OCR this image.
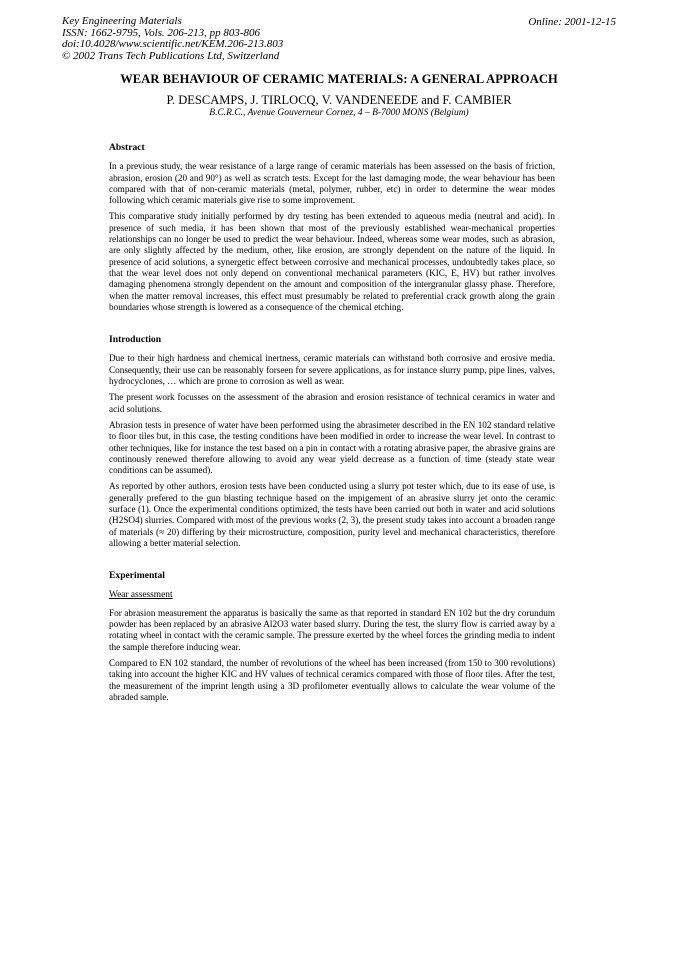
Key Engineering Materials
ISSN: 1662-9795, Vols. 206-213, pp 803-806
doi:10.4028/www.scientific.net/KEM.206-213.803
© 2002 Trans Tech Publications Ltd, Switzerland
Online: 2001-12-15
WEAR BEHAVIOUR OF CERAMIC MATERIALS: A GENERAL APPROACH
P. DESCAMPS, J. TIRLOCQ, V. VANDENEEDE and F. CAMBIER
B.C.R.C., Avenue Gouverneur Cornez, 4 – B-7000 MONS (Belgium)
Abstract

In a previous study, the wear resistance of a large range of ceramic materials has been assessed on the basis of friction, abrasion, erosion (20 and 90°) as well as scratch tests. Except for the last damaging mode, the wear behaviour has been compared with that of non-ceramic materials (metal, polymer, rubber, etc) in order to determine the wear modes following which ceramic materials give rise to some improvement.

This comparative study initially performed by dry testing has been extended to aqueous media (neutral and acid). In presence of such media, it has been shown that most of the previously established wear-mechanical properties relationships can no longer be used to predict the wear behaviour. Indeed, whereas some wear modes, such as abrasion, are only slightly affected by the medium, other, like erosion, are strongly dependent on the nature of the liquid. In presence of acid solutions, a synergetic effect between corrosive and mechanical processes, undoubtedly takes place, so that the wear level does not only depend on conventional mechanical parameters (KIC, E, HV) but rather involves damaging phenomena strongly dependent on the amount and composition of the intergranular glassy phase. Therefore, when the matter removal increases, this effect must presumably be related to preferential crack growth along the grain boundaries whose strength is lowered as a consequence of the chemical etching.

Introduction

Due to their high hardness and chemical inertness, ceramic materials can withstand both corrosive and erosive media. Consequently, their use can be reasonably forseen for severe applications, as for instance slurry pump, pipe lines, valves, hydrocyclones, … which are prone to corrosion as well as wear.

The present work focusses on the assessment of the abrasion and erosion resistance of technical ceramics in water and acid solutions.

Abrasion tests in presence of water have been performed using the abrasimeter described in the EN 102 standard relative to floor tiles but, in this case, the testing conditions have been modified in order to increase the wear level. In contrast to other techniques, like for instance the test based on a pin in contact with a rotating abrasive paper, the abrasive grains are continously renewed therefore allowing to avoid any wear yield decrease as a function of time (steady state wear conditions can be assumed).

As reported by other authors, erosion tests have been conducted using a slurry pot tester which, due to its ease of use, is generally prefered to the gun blasting technique based on the impigement of an abrasive slurry jet onto the ceramic surface (1). Once the experimental conditions optimized, the tests have been carried out both in water and acid solutions (H2SO4) slurries. Compared with most of the previous works (2, 3), the present study takes into account a broaden range of materials (≈ 20) differing by their microstructure, composition, purity level and mechanical characteristics, therefore allowing a better material selection.

Experimental
Wear assessment

For abrasion measurement the apparatus is basically the same as that reported in standard EN 102 but the dry corundum powder has been replaced by an abrasive Al2O3 water based slurry. During the test, the slurry flow is carried away by a rotating wheel in contact with the ceramic sample. The pressure exerted by the wheel forces the grinding media to indent the sample therefore inducing wear.

Compared to EN 102 standard, the number of revolutions of the wheel has been increased (from 150 to 300 revolutions) taking into account the higher KIC and HV values of technical ceramics compared with those of floor tiles. After the test, the measurement of the imprint length using a 3D profilometer eventually allows to calculate the wear volume of the abraded sample.
